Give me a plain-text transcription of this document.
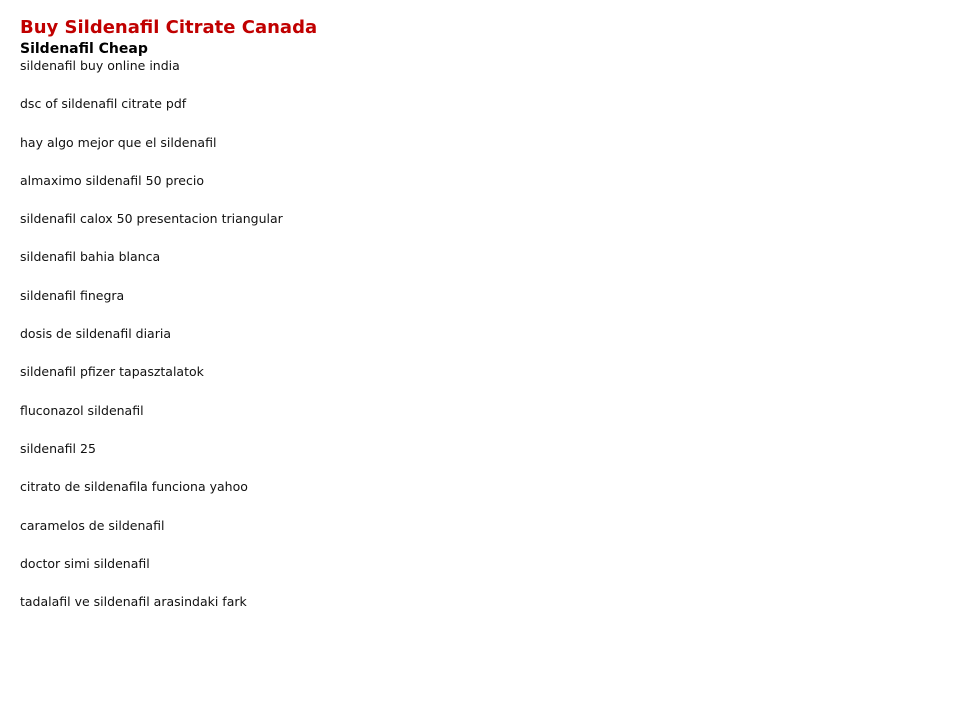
Buy Sildenafil Citrate Canada
Sildenafil Cheap
sildenafil buy online india
dsc of sildenafil citrate pdf
hay algo mejor que el sildenafil
almaximo sildenafil 50 precio
sildenafil calox 50 presentacion triangular
sildenafil bahia blanca
sildenafil finegra
dosis de sildenafil diaria
sildenafil pfizer tapasztalatok
fluconazol sildenafil
sildenafil 25
citrato de sildenafila funciona yahoo
caramelos de sildenafil
doctor simi sildenafil
tadalafil ve sildenafil arasindaki fark
